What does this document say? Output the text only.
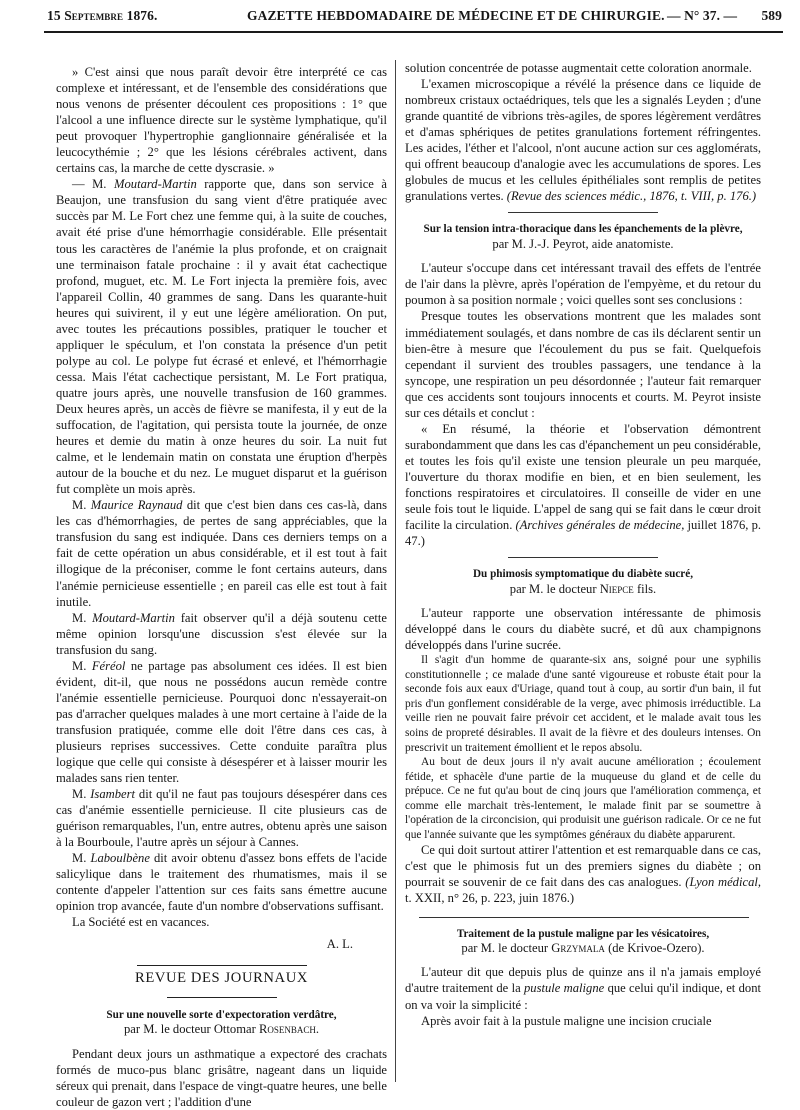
15 Septembre 1876.	GAZETTE HEBDOMADAIRE DE MÉDECINE ET DE CHIRURGIE. — N° 37. — 589

» C'est ainsi que nous paraît devoir être interprété ce cas complexe et intéressant, et de l'ensemble des considérations que nous venons de présenter découlent ces propositions : 1° que l'alcool a une influence directe sur le système lymphatique, qu'il peut provoquer l'hypertrophie ganglionnaire généralisée et la leucocythémie ; 2° que les lésions cérébrales activent, dans certains cas, la marche de cette dyscrasie. »

— M. Moutard-Martin rapporte que, dans son service à Beaujon, une transfusion du sang vient d'être pratiquée avec succès par M. Le Fort chez une femme qui, à la suite de couches, avait été prise d'une hémorrhagie considérable. Elle présentait tous les caractères de l'anémie la plus profonde, et on craignait une terminaison fatale prochaine : il y avait état cachectique profond, muguet, etc. M. Le Fort injecta la première fois, avec l'appareil Collin, 40 grammes de sang. Dans les quarante-huit heures qui suivirent, il y eut une légère amélioration. On put, avec toutes les précautions possibles, pratiquer le toucher et appliquer le spéculum, et l'on constata la présence d'un petit polype au col. Le polype fut écrasé et enlevé, et l'hémorrhagie cessa. Mais l'état cachectique persistant, M. Le Fort pratiqua, quatre jours après, une nouvelle transfusion de 160 grammes. Deux heures après, un accès de fièvre se manifesta, il y eut de la suffocation, de l'agitation, qui persista toute la journée, de onze heures et demie du matin à onze heures du soir. La nuit fut calme, et le lendemain matin on constata une éruption d'herpès autour de la bouche et du nez. Le muguet disparut et la guérison fut complète un mois après.

M. Maurice Raynaud dit que c'est bien dans ces cas-là, dans les cas d'hémorrhagies, de pertes de sang appréciables, que la transfusion du sang est indiquée. Dans ces derniers temps on a fait de cette opération un abus considérable, et il est tout à fait illogique de la préconiser, comme le font certains auteurs, dans l'anémie pernicieuse essentielle ; en pareil cas elle est tout à fait inutile.

M. Moutard-Martin fait observer qu'il a déjà soutenu cette même opinion lorsqu'une discussion s'est élevée sur la transfusion du sang.

M. Féréol ne partage pas absolument ces idées. Il est bien évident, dit-il, que nous ne possédons aucun remède contre l'anémie essentielle pernicieuse. Pourquoi donc n'essayerait-on pas d'arracher quelques malades à une mort certaine à l'aide de la transfusion pratiquée, comme elle doit l'être dans ces cas, à plusieurs reprises successives. Cette conduite paraîtra plus logique que celle qui consiste à désespérer et à laisser mourir les malades sans rien tenter.

M. Isambert dit qu'il ne faut pas toujours désespérer dans ces cas d'anémie essentielle pernicieuse. Il cite plusieurs cas de guérison remarquables, l'un, entre autres, obtenu après une saison à la Bourboule, l'autre après un séjour à Cannes.

M. Laboulbène dit avoir obtenu d'assez bons effets de l'acide salicylique dans le traitement des rhumatismes, mais il se contente d'appeler l'attention sur ces faits sans émettre aucune opinion trop avancée, faute d'un nombre d'observations suffisant.

La Société est en vacances.

A. L.
REVUE DES JOURNAUX

Sur une nouvelle sorte d'expectoration verdâtre,

par M. le docteur Ottomar Rosenbach.

Pendant deux jours un asthmatique a expectoré des crachats formés de muco-pus blanc grisâtre, nageant dans un liquide séreux qui prenait, dans l'espace de vingt-quatre heures, une belle couleur de gazon vert ; l'addition d'une

solution concentrée de potasse augmentait cette coloration anormale.

L'examen microscopique a révélé la présence dans ce liquide de nombreux cristaux octaédriques, tels que les a signalés Leyden ; d'une grande quantité de vibrions très-agiles, de spores légèrement verdâtres et d'amas sphériques de petites granulations fortement réfringentes. Les acides, l'éther et l'alcool, n'ont aucune action sur ces agglomérats, qui offrent beaucoup d'analogie avec les accumulations de spores. Les globules de mucus et les cellules épithéliales sont remplis de petites granulations vertes. (Revue des sciences médic., 1876, t. VIII, p. 176.)

Sur la tension intra-thoracique dans les épanchements de la plèvre,

par M. J.-J. Peyrot, aide anatomiste.

L'auteur s'occupe dans cet intéressant travail des effets de l'entrée de l'air dans la plèvre, après l'opération de l'empyème, et du retour du poumon à sa position normale ; voici quelles sont ses conclusions :

Presque toutes les observations montrent que les malades sont immédiatement soulagés, et dans nombre de cas ils déclarent sentir un bien-être à mesure que l'écoulement du pus se fait. Quelquefois cependant il survient des troubles passagers, une tendance à la syncope, une respiration un peu désordonnée ; l'auteur fait remarquer que ces accidents sont toujours innocents et courts. M. Peyrot insiste sur ces détails et conclut :

« En résumé, la théorie et l'observation démontrent surabondamment que dans les cas d'épanchement un peu considérable, et toutes les fois qu'il existe une tension pleurale un peu marquée, l'ouverture du thorax modifie en bien, et en bien seulement, les fonctions respiratoires et circulatoires. Il conseille de vider en une seule fois tout le liquide. L'appel de sang qui se fait dans le cœur droit facilite la circulation. (Archives générales de médecine, juillet 1876, p. 47.)

Du phimosis symptomatique du diabète sucré,

par M. le docteur Niepce fils.

L'auteur rapporte une observation intéressante de phimosis développé dans le cours du diabète sucré, et dû aux champignons développés dans l'urine sucrée.

Il s'agit d'un homme de quarante-six ans, soigné pour une syphilis constitutionnelle ; ce malade d'une santé vigoureuse et robuste était pour la seconde fois aux eaux d'Uriage, quand tout à coup, au sortir d'un bain, il fut pris d'un gonflement considérable de la verge, avec phimosis irréductible. La veille rien ne pouvait faire prévoir cet accident, et le malade avait tous les soins de propreté désirables. Il avait de la fièvre et des douleurs intenses. On prescrivit un traitement émollient et le repos absolu.

Au bout de deux jours il n'y avait aucune amélioration ; écoulement fétide, et sphacèle d'une partie de la muqueuse du gland et de celle du prépuce. Ce ne fut qu'au bout de cinq jours que l'amélioration commença, et comme elle marchait très-lentement, le malade finit par se soumettre à l'opération de la circoncision, qui produisit une guérison radicale. Or ce ne fut que l'année suivante que les symptômes généraux du diabète apparurent.

Ce qui doit surtout attirer l'attention et est remarquable dans ce cas, c'est que le phimosis fut un des premiers signes du diabète ; on pourrait se souvenir de ce fait dans des cas analogues. (Lyon médical, t. XXII, n° 26, p. 223, juin 1876.)

Traitement de la pustule maligne par les vésicatoires,

par M. le docteur Grzymala (de Krivoe-Ozero).

L'auteur dit que depuis plus de quinze ans il n'a jamais employé d'autre traitement de la pustule maligne que celui qu'il indique, et dont on va voir la simplicité :

Après avoir fait à la pustule maligne une incision cruciale
